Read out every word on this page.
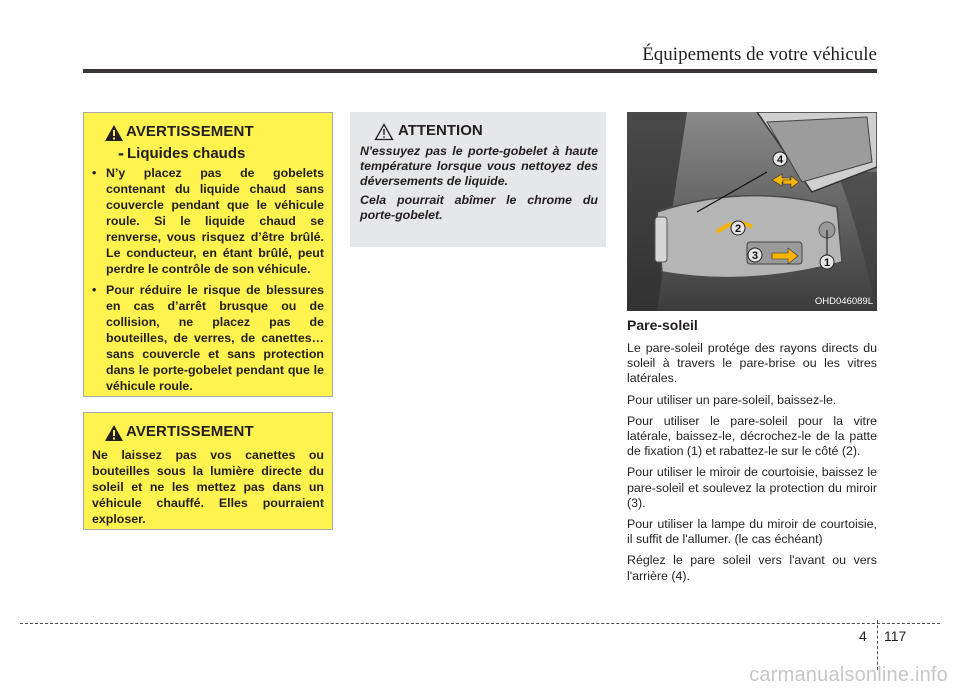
Équipements de votre véhicule
AVERTISSEMENT
- Liquides chauds
• N’y placez pas de gobelets contenant du liquide chaud sans couvercle pendant que le véhicule roule. Si le liquide chaud se renverse, vous risquez d’être brûlé. Le conducteur, en étant brûlé, peut perdre le contrôle de son véhicule.
• Pour réduire le risque de blessures en cas d’arrêt brusque ou de collision, ne placez pas de bouteilles, de verres, de canettes…sans couvercle et sans protection dans le porte-gobelet pendant que le véhicule roule.
AVERTISSEMENT

Ne laissez pas vos canettes ou bouteilles sous la lumière directe du soleil et ne les mettez pas dans un véhicule chauffé. Elles pourraient exploser.

ATTENTION

N'essuyez pas le porte-gobelet à haute température lorsque vous nettoyez des déversements de liquide.

Cela pourrait abîmer le chrome du porte-gobelet.

4
2
3
1
OHD046089L
Pare-soleil

Le pare-soleil protége des rayons directs du soleil à travers le pare-brise ou les vitres latérales.

Pour utiliser un pare-soleil, baissez-le.

Pour utiliser le pare-soleil pour la vitre latérale, baissez-le, décrochez-le de la patte de fixation (1) et rabattez-le sur le côté (2).

Pour utiliser le miroir de courtoisie, baissez le pare-soleil et soulevez la protection du miroir (3).

Pour utiliser la lampe du miroir de courtoisie, il suffit de l'allumer. (le cas échéant)

Réglez le pare soleil vers l'avant ou vers l'arrière (4).

4 117
carmanualsonline.info
